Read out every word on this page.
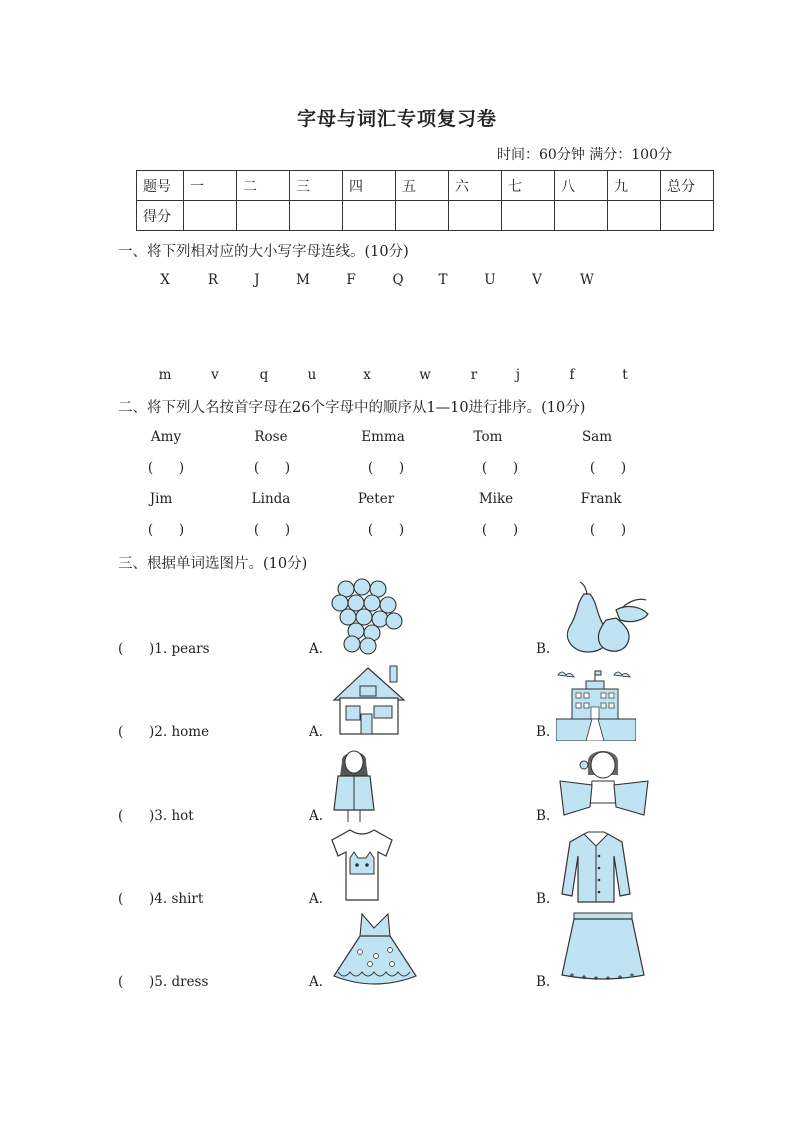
字母与词汇专项复习卷
时间：60分钟 满分：100分
题号	一	二	三	四	五	六	七	八	九	总分
得分										
一、将下列相对应的大小写字母连线。(10分)
X	R	J	M	F	Q	T	U	V	W
m	v	q	u	x	w	r	j	f	t
二、将下列人名按首字母在26个字母中的顺序从1—10进行排序。(10分)
Amy	Rose	Emma	Tom	Sam
(      )	(      )	(      )	(      )	(      )
Jim	Linda	Peter	Mike	Frank
(      )	(      )	(      )	(      )	(      )
三、根据单词选图片。(10分)
(      )1. pears	A.	B.
(      )2. home	A.	B.
(      )3. hot	A.	B.
(      )4. shirt	A.	B.
(      )5. dress	A.	B.
